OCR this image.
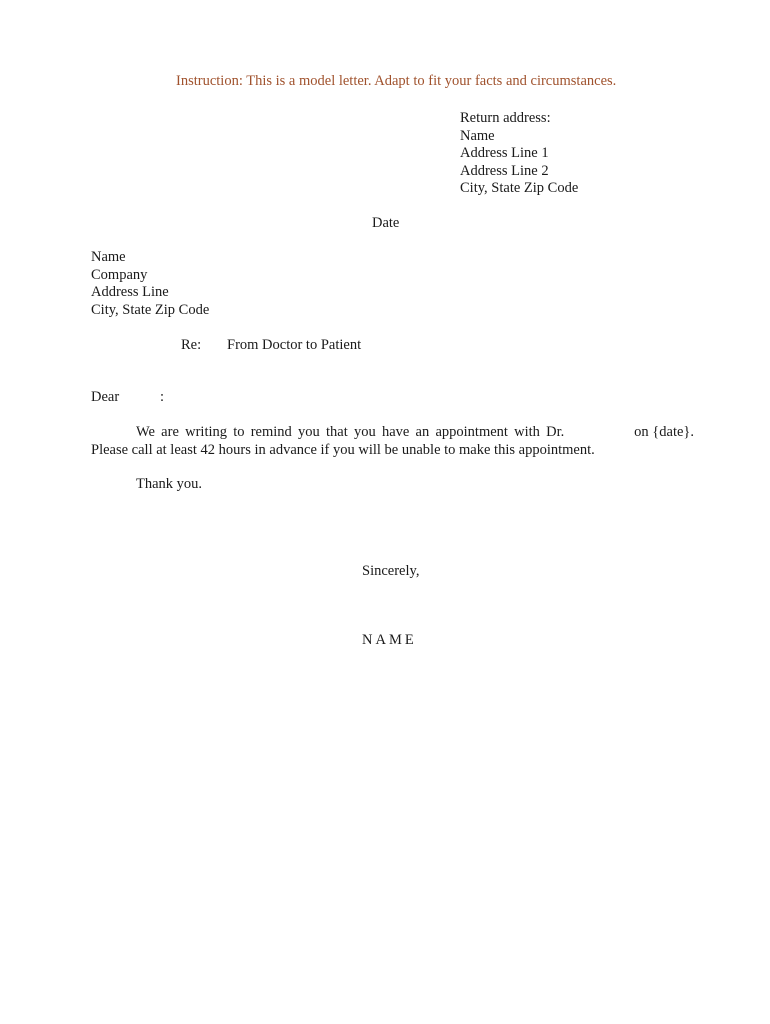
Instruction: This is a model letter. Adapt to fit your facts and circumstances.
Return address:
Name
Address Line 1
Address Line 2
City, State Zip Code
Date
Name
Company
Address Line
City, State Zip Code
Re: From Doctor to Patient
Dear	:
We are writing to remind you that you have an appointment with Dr.	on {date}.
Please call at least 42 hours in advance if you will be unable to make this appointment.
Thank you.
Sincerely,
NAME
